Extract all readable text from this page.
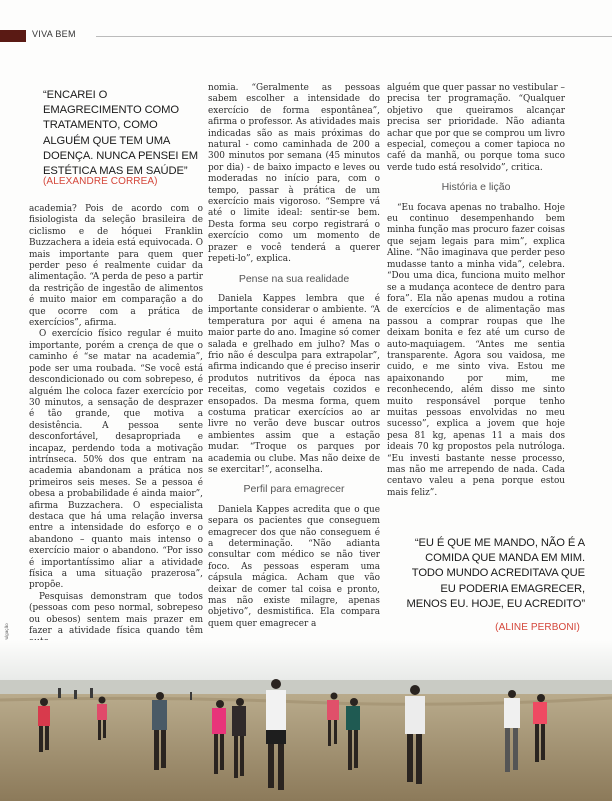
VIVA BEM
“ENCAREI O EMAGRECIMENTO COMO TRATAMENTO, COMO ALGUÉM QUE TEM UMA DOENÇA. NUNCA PENSEI EM ESTÉTICA MAS EM SAÚDE”
(ALEXANDRE CORREA)

academia? Pois de acordo com o fisiologista da seleção brasileira de ciclismo e de hóquei Franklin Buzzachera a ideia está equivocada. O mais importante para quem quer perder peso é realmente cuidar da alimentação. “A perda de peso a partir da restrição de ingestão de alimentos é muito maior em comparação a do que ocorre com a prática de exercícios”, afirma.

O exercício físico regular é muito importante, porém a crença de que o caminho é “se matar na academia”, pode ser uma roubada. “Se você está descondicionado ou com sobrepeso, é alguém lhe coloca fazer exercício por 30 minutos, a sensação de desprazer é tão grande, que motiva a desistência. A pessoa sente desconfortável, desapropriada e incapaz, perdendo toda a motivação intrínseca. 50% dos que entram na academia abandonam a prática nos primeiros seis meses. Se a pessoa é obesa a probabilidade é ainda maior”, afirma Buzzachera. O especialista destaca que há uma relação inversa entre a intensidade do esforço e o abandono – quanto mais intenso o exercício maior o abandono. “Por isso é importantíssimo aliar a atividade física a uma situação prazerosa”, propõe.

Pesquisas demonstram que todos (pessoas com peso normal, sobrepeso ou obesos) sentem mais prazer em fazer a atividade física quando têm

nomia. “Geralmente as pessoas sabem escolher a intensidade do exercício de forma espontânea”, afirma o professor. As atividades mais indicadas são as mais próximas do natural - como caminhada de 200 a 300 minutos por semana (45 minutos por dia) - de baixo impacto e leves ou moderadas no início para, com o tempo, passar à prática de um exercício mais vigoroso. “Sempre vá até o limite ideal: sentir-se bem. Desta forma seu corpo registrará o exercício como um momento de prazer e você tenderá a querer repeti-lo”, explica.

Pense na sua realidade

Daniela Kappes lembra que é importante considerar o ambiente. “A temperatura por aqui é amena na maior parte do ano. Imagine só comer salada e grelhado em julho? Mas o frio não é desculpa para extrapolar”, afirma indicando que é preciso inserir produtos nutritivos da época nas receitas, como vegetais cozidos e ensopados. Da mesma forma, quem costuma praticar exercícios ao ar livre no verão deve buscar outros ambientes assim que a estação mudar. “Troque os parques por academia ou clube. Mas não deixe de se exercitar!”, aconselha.

Perfil para emagrecer

Daniela Kappes acredita que o que separa os pacientes que conseguem emagrecer dos que não conseguem é a determinação. “Não adianta consultar com médico se não tiver foco. As pessoas esperam uma cápsula mágica. Acham que vão deixar de comer tal coisa e pronto, mas não existe milagre, apenas objetivo”, desmistifica. Ela compara quem quer emagrecer a

alguém que quer passar no vestibular – precisa ter programação. “Qualquer objetivo que queiramos alcançar precisa ser prioridade. Não adianta achar que por que se comprou um livro especial, começou a comer tapioca no café da manhã, ou porque toma suco verde tudo está resolvido”, critica.

História e lição

“Eu focava apenas no trabalho. Hoje eu continuo desempenhando bem minha função mas procuro fazer coisas que sejam legais para mim”, explica Aline. “Não imaginava que perder peso mudasse tanto a minha vida”, celebra. “Dou uma dica, funciona muito melhor se a mudança acontece de dentro para fora”. Ela não apenas mudou a rotina de exercícios e de alimentação mas passou a comprar roupas que lhe deixam bonita e fez até um curso de auto-maquiagem. “Antes me sentia transparente. Agora sou vaidosa, me cuido, e me sinto viva. Estou me apaixonando por mim, me reconhecendo, além disso me sinto muito responsável porque tenho muitas pessoas envolvidas no meu sucesso”, explica a jovem que hoje pesa 81 kg, apenas 11 a mais dos ideais 70 kg propostos pela nutróloga. “Eu investi bastante nesse processo, mas não me arrependo de nada. Cada centavo valeu a pena porque estou mais feliz”.

“EU É QUE ME MANDO, NÃO É A COMIDA QUE MANDA EM MIM. TODO MUNDO ACREDITAVA QUE EU PODERIA EMAGRECER, MENOS EU. HOJE, EU ACREDITO”
(ALINE PERBONI)
